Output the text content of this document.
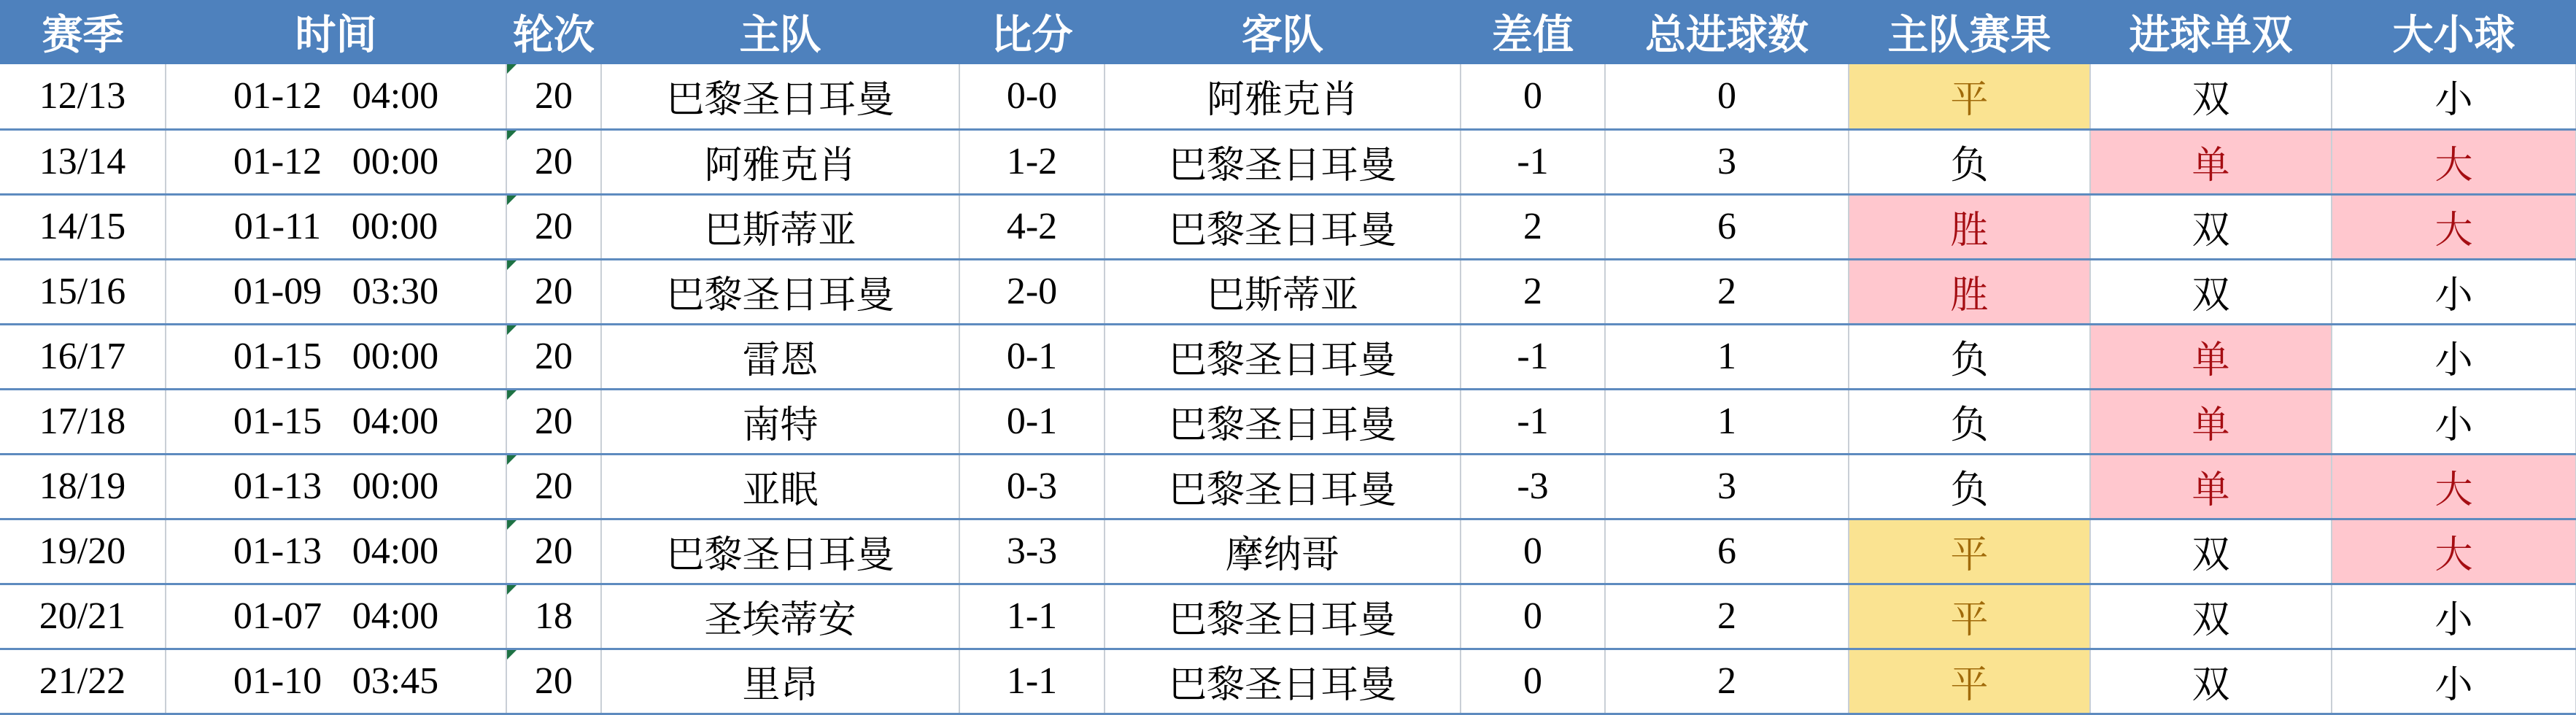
赛季	时间	轮次	主队	比分	客队	差值	总进球数	主队赛果	进球单双	大小球
12/13	01-12 04:00	20	巴黎圣日耳曼	0-0	阿雅克肖	0	0	平	双	小
13/14	01-12 00:00	20	阿雅克肖	1-2	巴黎圣日耳曼	-1	3	负	单	大
14/15	01-11 00:00	20	巴斯蒂亚	4-2	巴黎圣日耳曼	2	6	胜	双	大
15/16	01-09 03:30	20	巴黎圣日耳曼	2-0	巴斯蒂亚	2	2	胜	双	小
16/17	01-15 00:00	20	雷恩	0-1	巴黎圣日耳曼	-1	1	负	单	小
17/18	01-15 04:00	20	南特	0-1	巴黎圣日耳曼	-1	1	负	单	小
18/19	01-13 00:00	20	亚眠	0-3	巴黎圣日耳曼	-3	3	负	单	大
19/20	01-13 04:00	20	巴黎圣日耳曼	3-3	摩纳哥	0	6	平	双	大
20/21	01-07 04:00	18	圣埃蒂安	1-1	巴黎圣日耳曼	0	2	平	双	小
21/22	01-10 03:45	20	里昂	1-1	巴黎圣日耳曼	0	2	平	双	小
